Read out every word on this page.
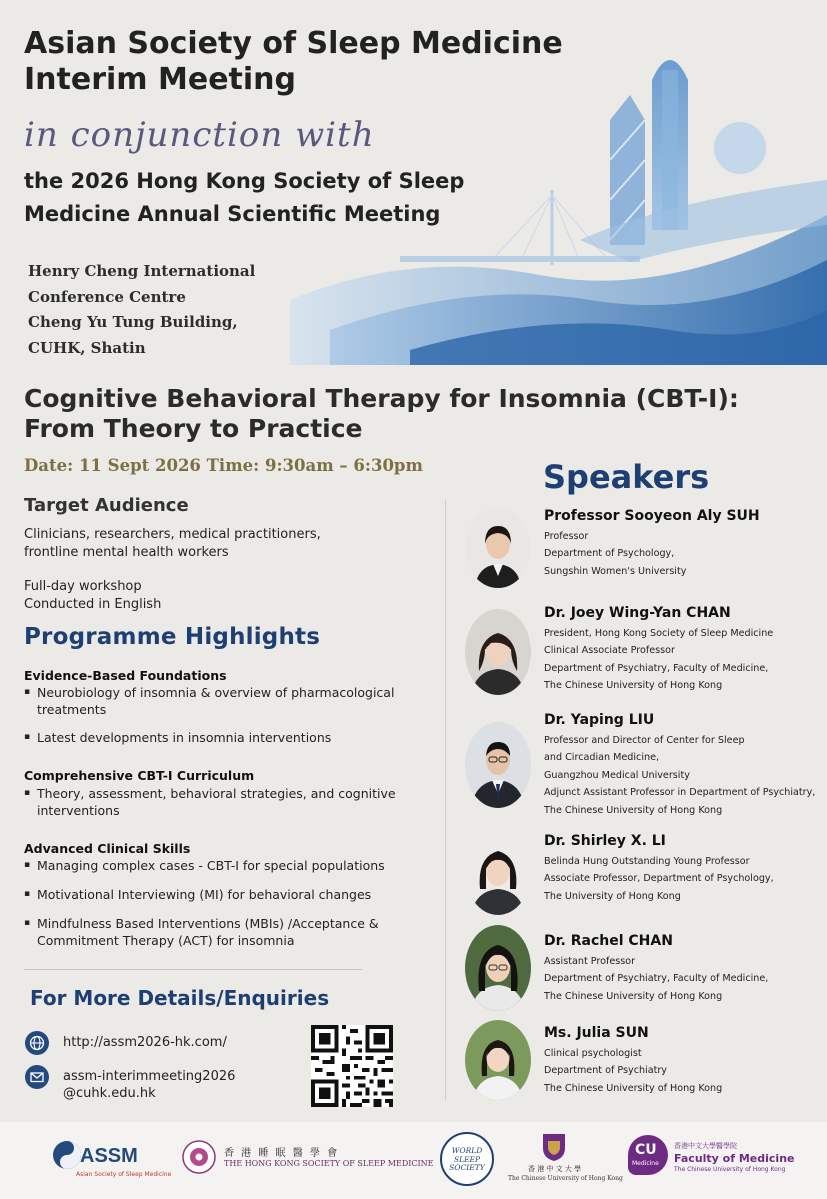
Asian Society of Sleep Medicine
Interim Meeting
in conjunction with
the 2026 Hong Kong Society of Sleep
Medicine Annual Scientific Meeting
Henry Cheng International
Conference Centre
Cheng Yu Tung Building,
CUHK, Shatin
Cognitive Behavioral Therapy for Insomnia (CBT-I):
From Theory to Practice
Date: 11 Sept 2026 Time: 9:30am – 6:30pm
Target Audience
Clinicians, researchers, medical practitioners,
frontline mental health workers
Full-day workshop
Conducted in English
Programme Highlights
Evidence-Based Foundations
▪ Neurobiology of insomnia & overview of pharmacological treatments
▪ Latest developments in insomnia interventions
Comprehensive CBT-I Curriculum
▪ Theory, assessment, behavioral strategies, and cognitive interventions
Advanced Clinical Skills
▪ Managing complex cases - CBT-I for special populations
▪ Motivational Interviewing (MI) for behavioral changes
▪ Mindfulness Based Interventions (MBIs) /Acceptance & Commitment Therapy (ACT) for insomnia
For More Details/Enquiries
http://assm2026-hk.com/
assm-interimmeeting2026
@cuhk.edu.hk
Speakers
Professor Sooyeon Aly SUH
Professor
Department of Psychology,
Sungshin Women's University
Dr. Joey Wing-Yan CHAN
President, Hong Kong Society of Sleep Medicine
Clinical Associate Professor
Department of Psychiatry, Faculty of Medicine,
The Chinese University of Hong Kong
Dr. Yaping LIU
Professor and Director of Center for Sleep
and Circadian Medicine,
Guangzhou Medical University
Adjunct Assistant Professor in Department of Psychiatry,
The Chinese University of Hong Kong
Dr. Shirley X. LI
Belinda Hung Outstanding Young Professor
Associate Professor, Department of Psychology,
The University of Hong Kong
Dr. Rachel CHAN
Assistant Professor
Department of Psychiatry, Faculty of Medicine,
The Chinese University of Hong Kong
Ms. Julia SUN
Clinical psychologist
Department of Psychiatry
The Chinese University of Hong Kong
ASSM
Asian Society of Sleep Medicine
香 港 睡 眠 醫 學 會
THE HONG KONG SOCIETY OF SLEEP MEDICINE
WORLD
SLEEP
SOCIETY	香 港 中 文 大 學
The Chinese University of Hong Kong
CU
Medicine
香港中文大學醫學院
Faculty of Medicine
The Chinese University of Hong Kong
